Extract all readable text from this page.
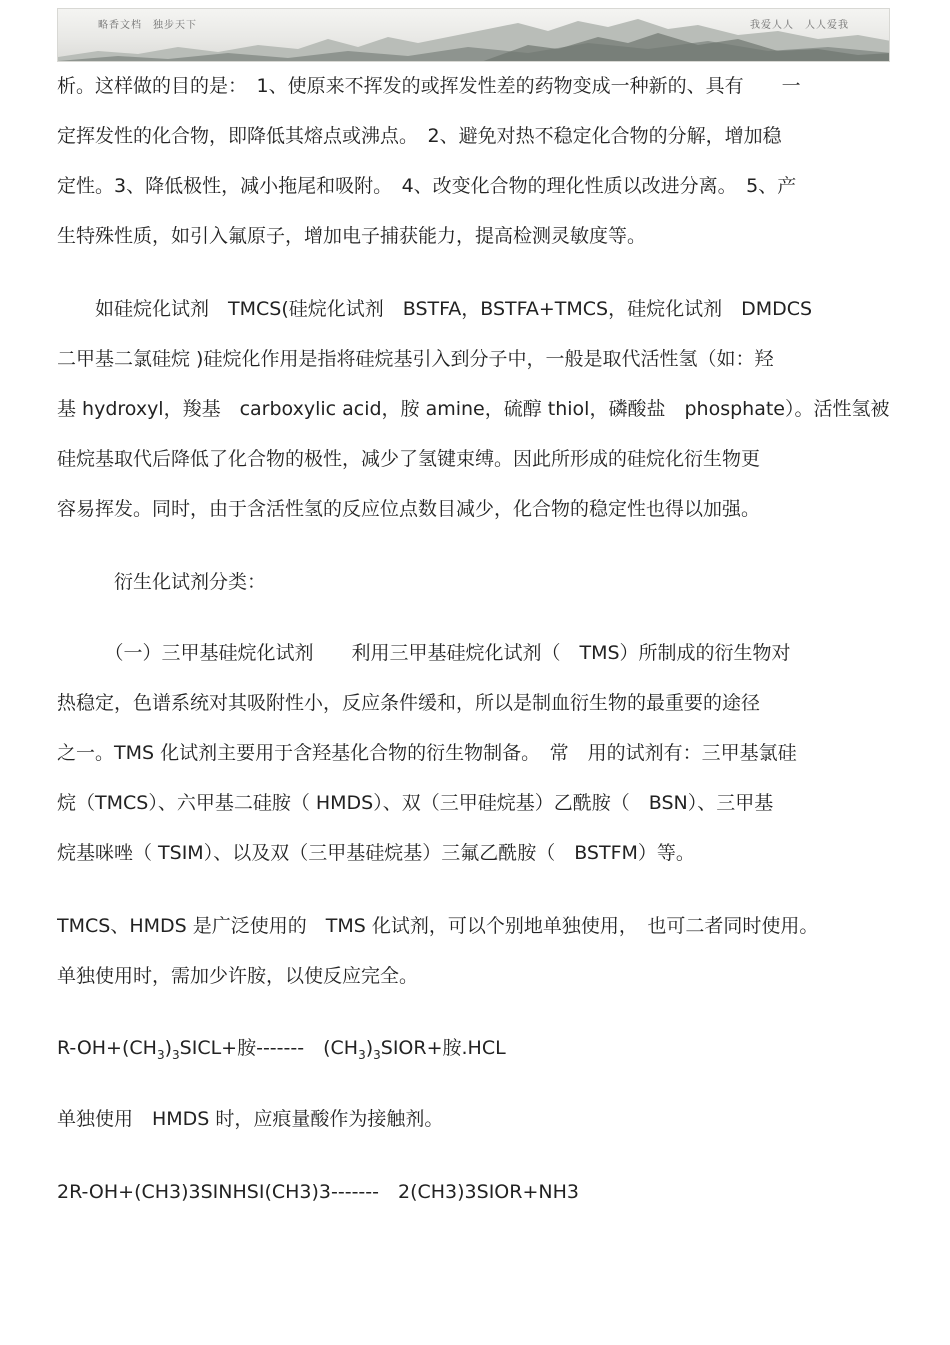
略香文档　独步天下	我爱人人　人人爱我
析。这样做的目的是：　1、使原来不挥发的或挥发性差的药物变成一种新的、具有　　一
定挥发性的化合物，即降低其熔点或沸点。　2、避免对热不稳定化合物的分解，增加稳
定性。3、降低极性，减小拖尾和吸附。　4、改变化合物的理化性质以改进分离。　5、产
生特殊性质，如引入氟原子，增加电子捕获能力，提高检测灵敏度等。
　　如硅烷化试剂　TMCS(硅烷化试剂　BSTFA，BSTFA+TMCS，硅烷化试剂　DMDCS
二甲基二氯硅烷 )硅烷化作用是指将硅烷基引入到分子中，一般是取代活性氢（如：羟
基 hydroxyl，羧基　carboxylic acid，胺 amine，硫醇 thiol，磷酸盐　phosphate）。活性氢被
硅烷基取代后降低了化合物的极性，减少了氢键束缚。因此所形成的硅烷化衍生物更
容易挥发。同时，由于含活性氢的反应位点数目减少，化合物的稳定性也得以加强。
　　　衍生化试剂分类：
　　　（一）三甲基硅烷化试剂　　利用三甲基硅烷化试剂（　TMS）所制成的衍生物对
热稳定，色谱系统对其吸附性小，反应条件缓和，所以是制血衍生物的最重要的途径
之一。TMS 化试剂主要用于含羟基化合物的衍生物制备。　常　用的试剂有：三甲基氯硅
烷（TMCS）、六甲基二硅胺（ HMDS）、双（三甲硅烷基）乙酰胺（　BSN）、三甲基
烷基咪唑（ TSIM）、以及双（三甲基硅烷基）三氟乙酰胺（　BSTFM）等。
TMCS、HMDS 是广泛使用的　TMS 化试剂，可以个别地单独使用，　也可二者同时使用。
单独使用时，需加少许胺，以使反应完全。
$R-OH+(CH_3)_3SICL+$胺-------　$(CH_3)_3SIOR+$胺.HCL
单独使用　HMDS 时，应痕量酸作为接触剂。
2R-OH+(CH3)3SINHSI(CH3)3-------　2(CH3)3SIOR+NH3
